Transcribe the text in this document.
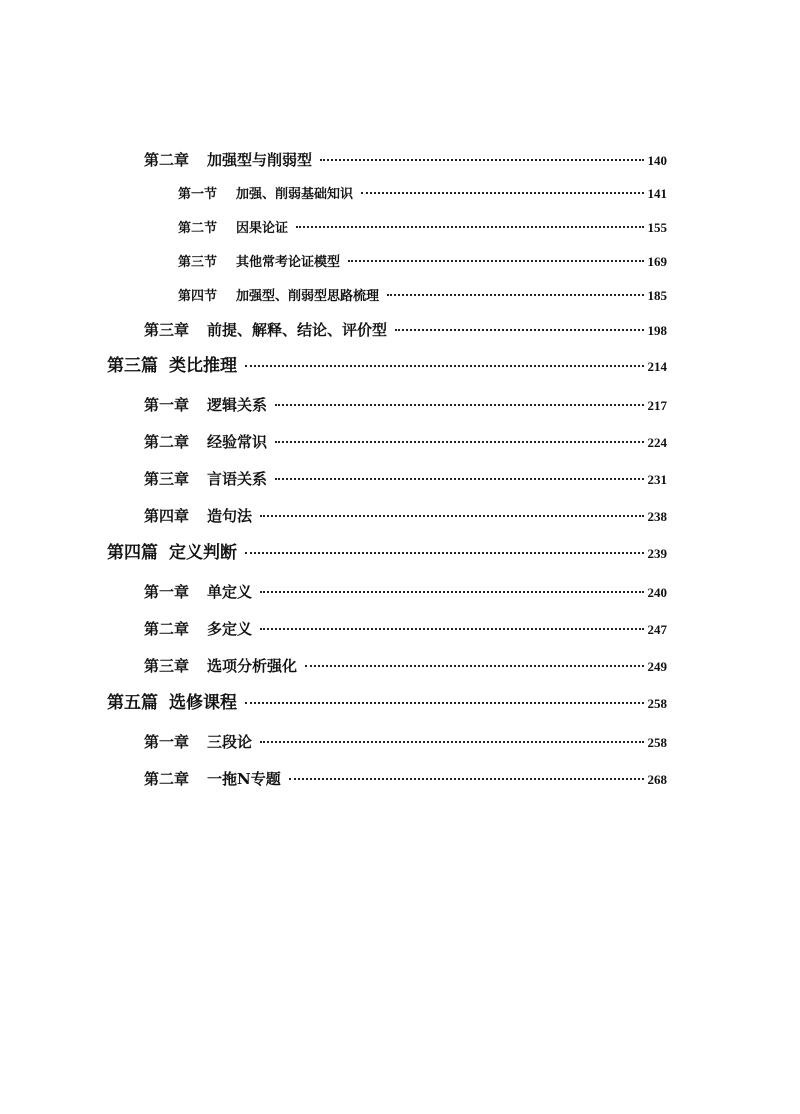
第二章	加强型与削弱型	140
第一节	加强、削弱基础知识	141
第二节	因果论证	155
第三节	其他常考论证模型	169
第四节	加强型、削弱型思路梳理	185
第三章	前提、解释、结论、评价型	198
第三篇 类比推理	214
第一章	逻辑关系	217
第二章	经验常识	224
第三章	言语关系	231
第四章	造句法	238
第四篇 定义判断	239
第一章	单定义	240
第二章	多定义	247
第三章	选项分析强化	249
第五篇 选修课程	258
第一章	三段论	258
第二章	一拖N专题	268
